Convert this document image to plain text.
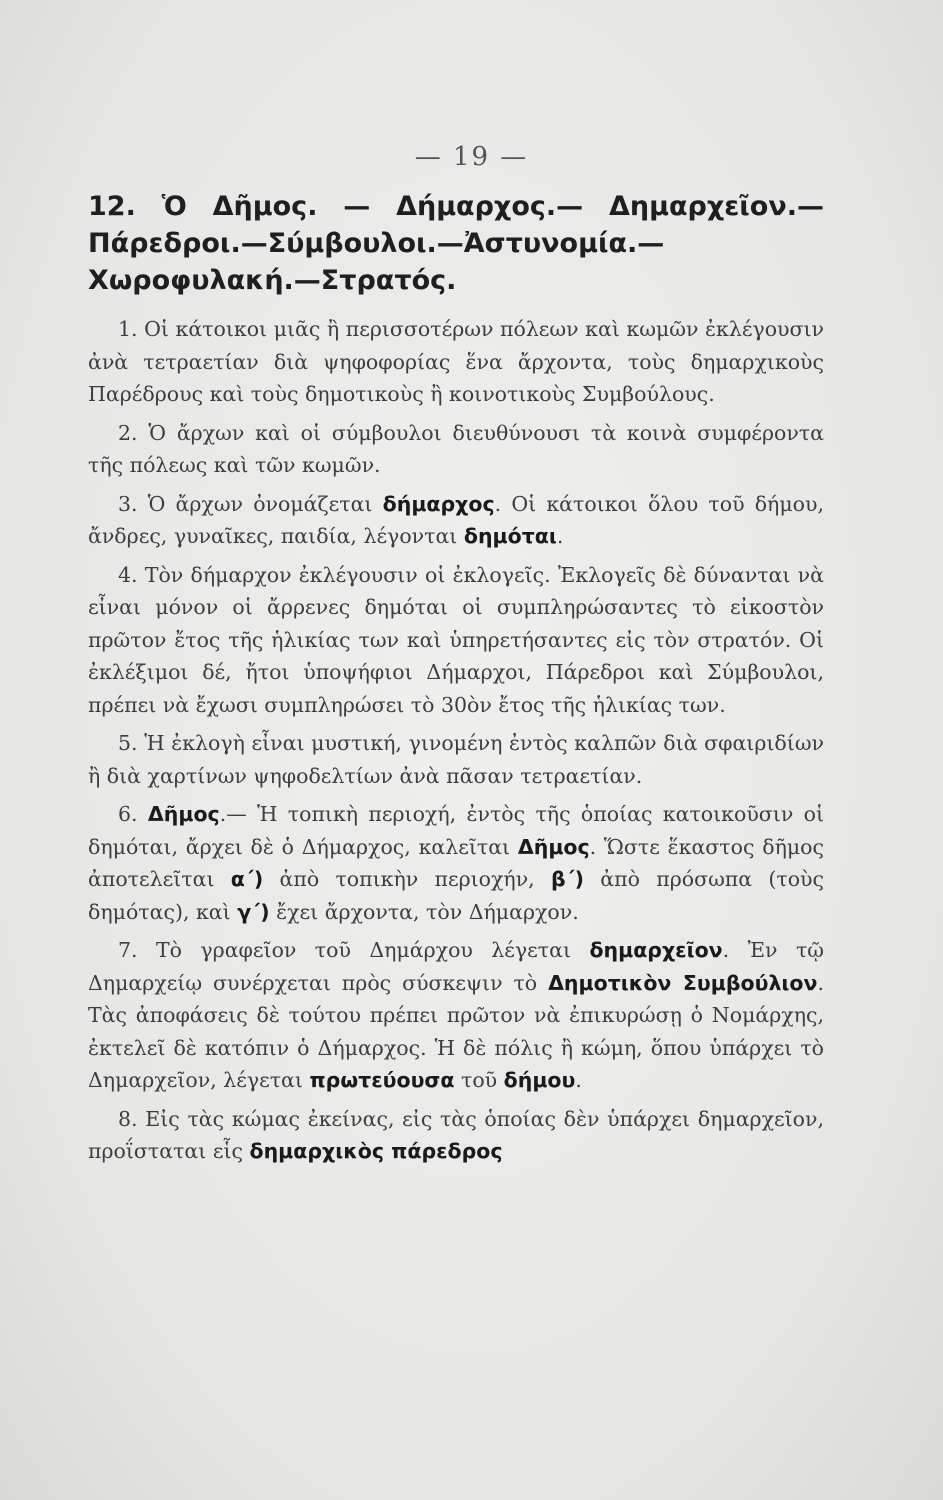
— 19 —
12. Ὁ Δῆμος. — Δήμαρχος.— Δημαρχεῖον.—Πάρεδροι.—Σύμβουλοι.—Ἀστυνομία.—Χωροφυλακή.—Στρατός.

1. Οἱ κάτοικοι μιᾶς ἢ περισσοτέρων πόλεων καὶ κωμῶν ἐκλέγουσιν ἀνὰ τετραετίαν διὰ ψηφοφορίας ἕνα ἄρχοντα, τοὺς δημαρχικοὺς Παρέδρους καὶ τοὺς δημοτικοὺς ἢ κοινοτικοὺς Συμβούλους.

2. Ὁ ἄρχων καὶ οἱ σύμβουλοι διευθύνουσι τὰ κοινὰ συμφέροντα τῆς πόλεως καὶ τῶν κωμῶν.

3. Ὁ ἄρχων ὀνομάζεται δήμαρχος. Οἱ κάτοικοι ὅλου τοῦ δήμου, ἄνδρες, γυναῖκες, παιδία, λέγονται δημόται.

4. Τὸν δήμαρχον ἐκλέγουσιν οἱ ἐκλογεῖς. Ἐκλογεῖς δὲ δύνανται νὰ εἶναι μόνον οἱ ἄρρενες δημόται οἱ συμπληρώσαντες τὸ εἰκοστὸν πρῶτον ἔτος τῆς ἡλικίας των καὶ ὑπηρετήσαντες εἰς τὸν στρατόν. Οἱ ἐκλέξιμοι δέ, ἤτοι ὑποψήφιοι Δήμαρχοι, Πάρεδροι καὶ Σύμβουλοι, πρέπει νὰ ἔχωσι συμπληρώσει τὸ 30ὸν ἔτος τῆς ἡλικίας των.

5. Ἡ ἐκλογὴ εἶναι μυστική, γινομένη ἐντὸς καλπῶν διὰ σφαιριδίων ἢ διὰ χαρτίνων ψηφοδελτίων ἀνὰ πᾶσαν τετραετίαν.

6. Δῆμος.— Ἡ τοπικὴ περιοχή, ἐντὸς τῆς ὁποίας κατοικοῦσιν οἱ δημόται, ἄρχει δὲ ὁ Δήμαρχος, καλεῖται Δῆμος. Ὥστε ἕκαστος δῆμος ἀποτελεῖται α΄) ἀπὸ τοπικὴν περιοχήν, β΄) ἀπὸ πρόσωπα (τοὺς δημότας), καὶ γ΄) ἔχει ἄρχοντα, τὸν Δήμαρχον.

7. Τὸ γραφεῖον τοῦ Δημάρχου λέγεται δημαρχεῖον. Ἐν τῷ Δημαρχείῳ συνέρχεται πρὸς σύσκεψιν τὸ Δημοτικὸν Συμβούλιον. Τὰς ἀποφάσεις δὲ τούτου πρέπει πρῶτον νὰ ἐπικυρώσῃ ὁ Νομάρχης, ἐκτελεῖ δὲ κατόπιν ὁ Δήμαρχος. Ἡ δὲ πόλις ἢ κώμη, ὅπου ὑπάρχει τὸ Δημαρχεῖον, λέγεται πρωτεύουσα τοῦ δήμου.

8. Εἰς τὰς κώμας ἐκείνας, εἰς τὰς ὁποίας δὲν ὑπάρχει δημαρχεῖον, προΐσταται εἷς δημαρχικὸς πάρεδρος
